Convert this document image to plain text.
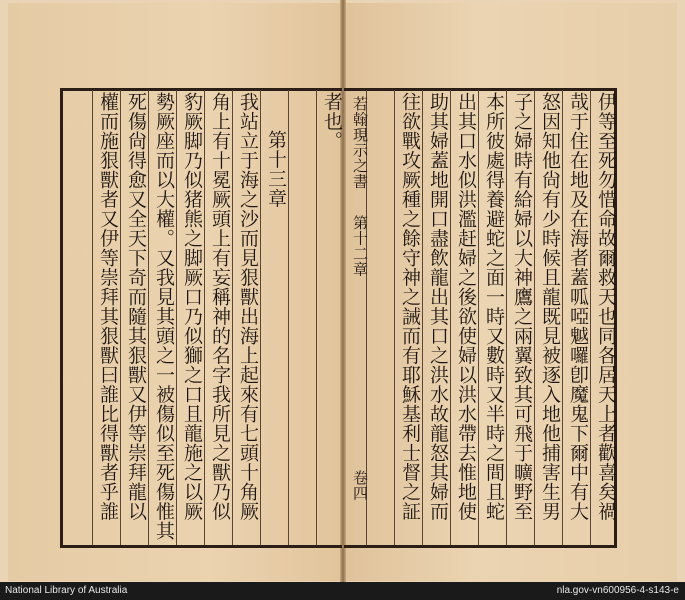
伊等至死勿惜命故爾救天也同各居天上者歡喜矣禍
哉于住在地及在海者蓋呱啞魆囉卽魔鬼下爾中有大
怒因知他尙有少時候且龍既見被逐入地他捕害生男
子之婦時有給婦以大神鷹之兩翼致其可飛于曠野至
本所彼處得養避蛇之面一時又數時又半時之間且蛇
出其口水似洪濫赶婦之後欲使婦以洪水帶去惟地使
助其婦蓋地開口盡飲龍出其口之洪水故龍怒其婦而
往欲戰攻厥種之餘守神之誡而有耶穌基利士督之証
若翰現示之書
第十二章
卷四
者也。
第十三章
我站立于海之沙而見狠獸出海上起來有七頭十角厥
角上有十冕厥頭上有妄稱神的名字我所見之獸乃似
豹厥脚乃似猪熊之脚厥口乃似獅之口且龍施之以厥
勢厥座而以大權。又我見其頭之一被傷似至死傷惟其
死傷尙得愈又全天下奇而隨其狠獸又伊等崇拜龍以
權而施狠獸者又伊等崇拜其狠獸曰誰比得獸者乎誰
National Library of Australia	nla.gov-vn600956-4-s143-e
